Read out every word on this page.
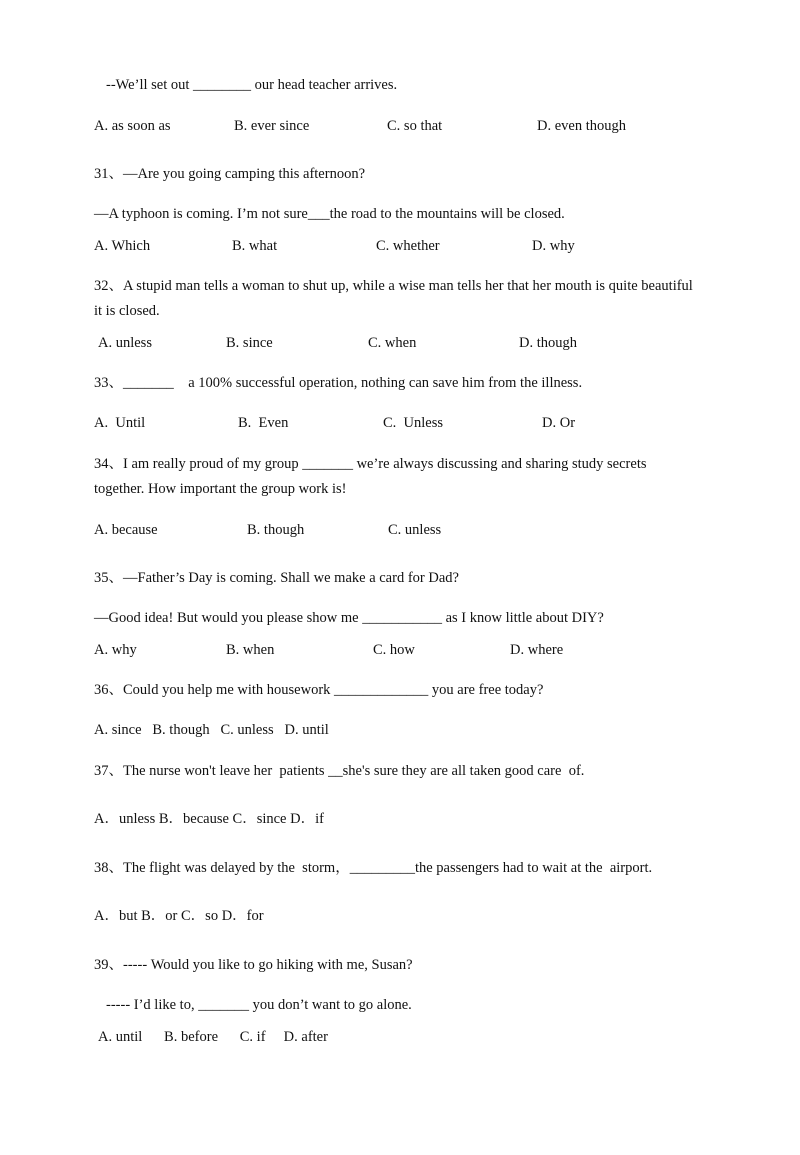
--We’ll set out ________ our head teacher arrives.
A. as soon as	B. ever since	C. so that	D. even though
31、—Are you going camping this afternoon?
—A typhoon is coming. I’m not sure___the road to the mountains will be closed.
A. Which	B. what	C. whether	D. why
32、A stupid man tells a woman to shut up, while a wise man tells her that her mouth is quite beautiful
it is closed.
A. unless	B. since	C. when	D. though
33、_______    a 100% successful operation, nothing can save him from the illness.
A.  Until	B.  Even	C.  Unless	D. Or
34、I am really proud of my group _______ we’re always discussing and sharing study secrets
together. How important the group work is!
A. because	B. though	C. unless
35、—Father’s Day is coming. Shall we make a card for Dad?
—Good idea! But would you please show me ___________ as I know little about DIY?
A. why	B. when	C. how	D. where
36、Could you help me with housework _____________ you are free today?
A. since   B. though   C. unless   D. until
37、The nurse won't leave her  patients __she's sure they are all taken good care  of.
A．unless B．because C．since D．if
38、The flight was delayed by the  storm，_________the passengers had to wait at the  airport.
A．but B．or C．so D．for
39、----- Would you like to go hiking with me, Susan?
----- I’d like to, _______ you don’t want to go alone.
A. until      B. before      C. if     D. after
